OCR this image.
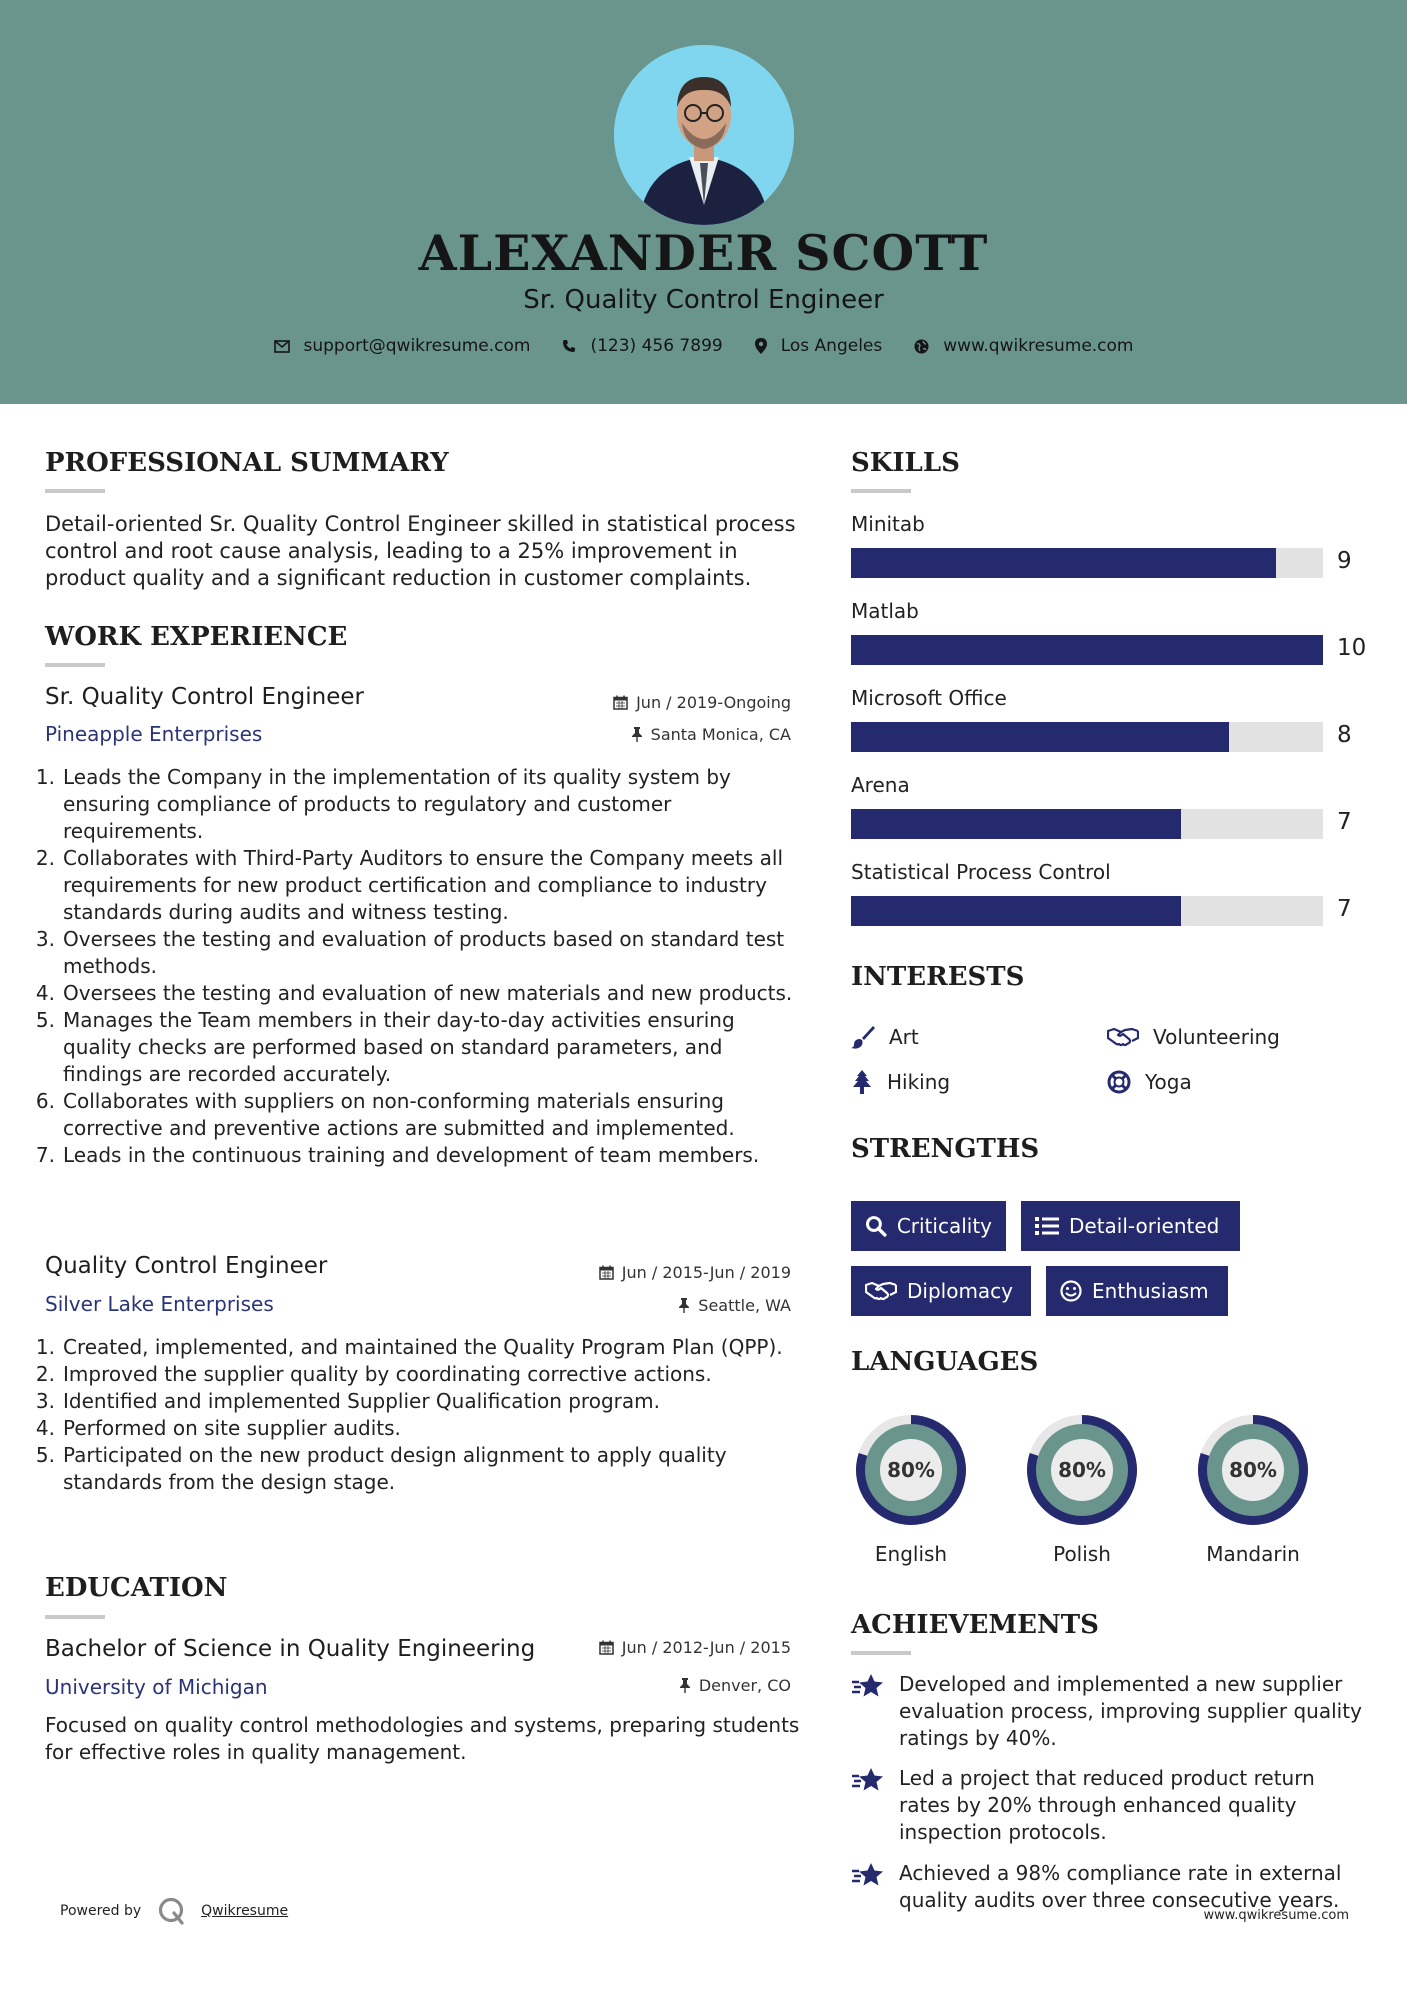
ALEXANDER SCOTT
Sr. Quality Control Engineer
support@qwikresume.com	(123) 456 7899	Los Angeles	www.qwikresume.com
PROFESSIONAL SUMMARY
Detail-oriented Sr. Quality Control Engineer skilled in statistical process control and root cause analysis, leading to a 25% improvement in product quality and a significant reduction in customer complaints.
WORK EXPERIENCE
Sr. Quality Control Engineer
Pineapple Enterprises
Jun / 2019-Ongoing
Santa Monica, CA
1. Leads the Company in the implementation of its quality system by ensuring compliance of products to regulatory and customer requirements.
2. Collaborates with Third-Party Auditors to ensure the Company meets all requirements for new product certification and compliance to industry standards during audits and witness testing.
3. Oversees the testing and evaluation of products based on standard test methods.
4. Oversees the testing and evaluation of new materials and new products.
5. Manages the Team members in their day-to-day activities ensuring quality checks are performed based on standard parameters, and findings are recorded accurately.
6. Collaborates with suppliers on non-conforming materials ensuring corrective and preventive actions are submitted and implemented.
7. Leads in the continuous training and development of team members.
Quality Control Engineer
Silver Lake Enterprises
Jun / 2015-Jun / 2019
Seattle, WA
1. Created, implemented, and maintained the Quality Program Plan (QPP).
2. Improved the supplier quality by coordinating corrective actions.
3. Identified and implemented Supplier Qualification program.
4. Performed on site supplier audits.
5. Participated on the new product design alignment to apply quality standards from the design stage.
EDUCATION
Bachelor of Science in Quality Engineering
University of Michigan
Jun / 2012-Jun / 2015
Denver, CO
Focused on quality control methodologies and systems, preparing students for effective roles in quality management.
SKILLS
Minitab
9
Matlab
10
Microsoft Office
8
Arena
7
Statistical Process Control
7
INTERESTS
Art	Volunteering
Hiking	Yoga
STRENGTHS
Criticality	Detail-oriented
Diplomacy	Enthusiasm
LANGUAGES
80%
English
80%
Polish
80%
Mandarin
ACHIEVEMENTS
Developed and implemented a new supplier evaluation process, improving supplier quality ratings by 40%.
Led a project that reduced product return rates by 20% through enhanced quality inspection protocols.
Achieved a 98% compliance rate in external quality audits over three consecutive years.
Powered by	Qwikresume	www.qwikresume.com
